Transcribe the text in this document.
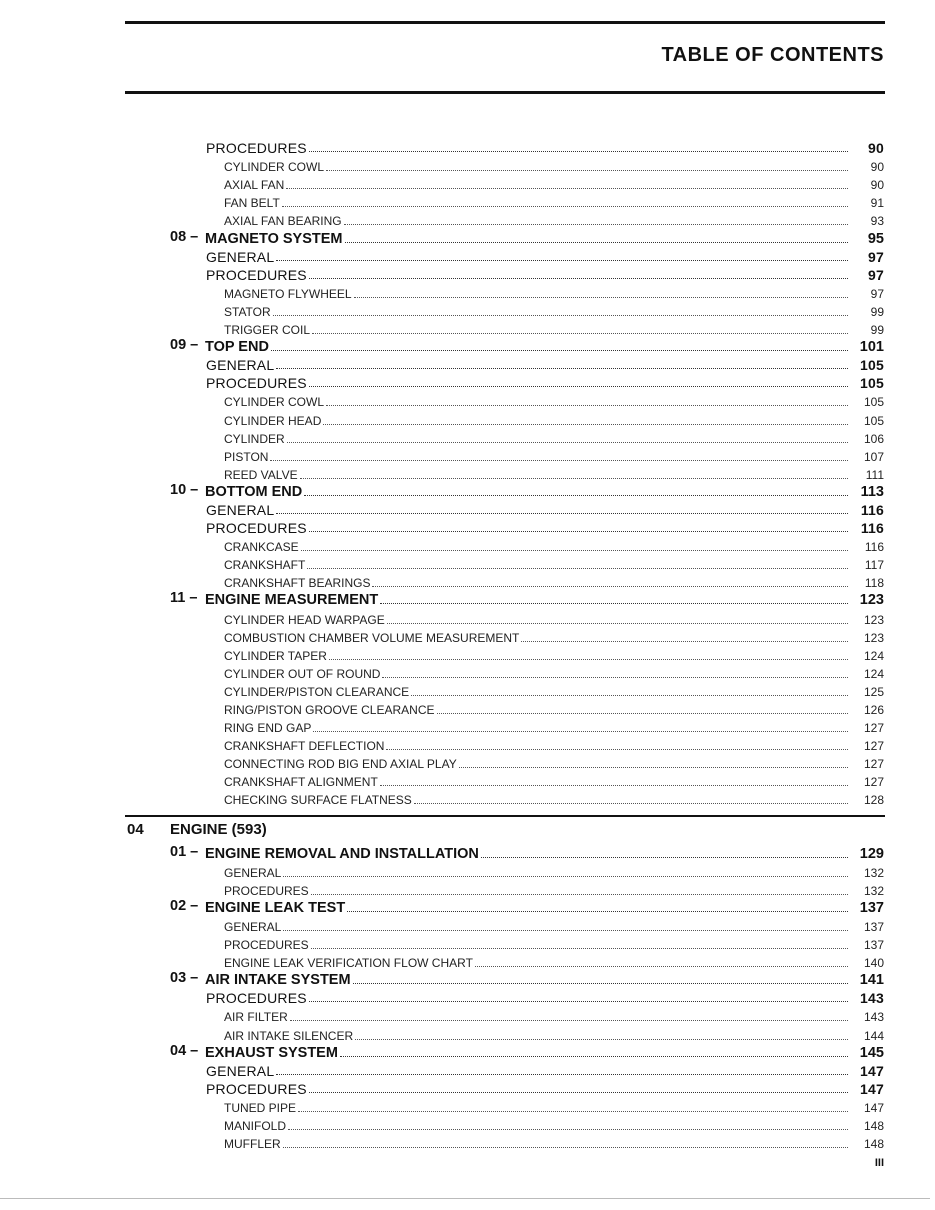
TABLE OF CONTENTS
PROCEDURES	90
CYLINDER COWL	90
AXIAL FAN	90
FAN BELT	91
AXIAL FAN BEARING	93
08 – MAGNETO SYSTEM	95
GENERAL	97
PROCEDURES	97
MAGNETO FLYWHEEL	97
STATOR	99
TRIGGER COIL	99
09 – TOP END	101
GENERAL	105
PROCEDURES	105
CYLINDER COWL	105
CYLINDER HEAD	105
CYLINDER	106
PISTON	107
REED VALVE	111
10 – BOTTOM END	113
GENERAL	116
PROCEDURES	116
CRANKCASE	116
CRANKSHAFT	117
CRANKSHAFT BEARINGS	118
11 – ENGINE MEASUREMENT	123
CYLINDER HEAD WARPAGE	123
COMBUSTION CHAMBER VOLUME MEASUREMENT	123
CYLINDER TAPER	124
CYLINDER OUT OF ROUND	124
CYLINDER/PISTON CLEARANCE	125
RING/PISTON GROOVE CLEARANCE	126
RING END GAP	127
CRANKSHAFT DEFLECTION	127
CONNECTING ROD BIG END AXIAL PLAY	127
CRANKSHAFT ALIGNMENT	127
CHECKING SURFACE FLATNESS	128
04 ENGINE (593)
01 – ENGINE REMOVAL AND INSTALLATION	129
GENERAL	132
PROCEDURES	132
02 – ENGINE LEAK TEST	137
GENERAL	137
PROCEDURES	137
ENGINE LEAK VERIFICATION FLOW CHART	140
03 – AIR INTAKE SYSTEM	141
PROCEDURES	143
AIR FILTER	143
AIR INTAKE SILENCER	144
04 – EXHAUST SYSTEM	145
GENERAL	147
PROCEDURES	147
TUNED PIPE	147
MANIFOLD	148
MUFFLER	148
III
